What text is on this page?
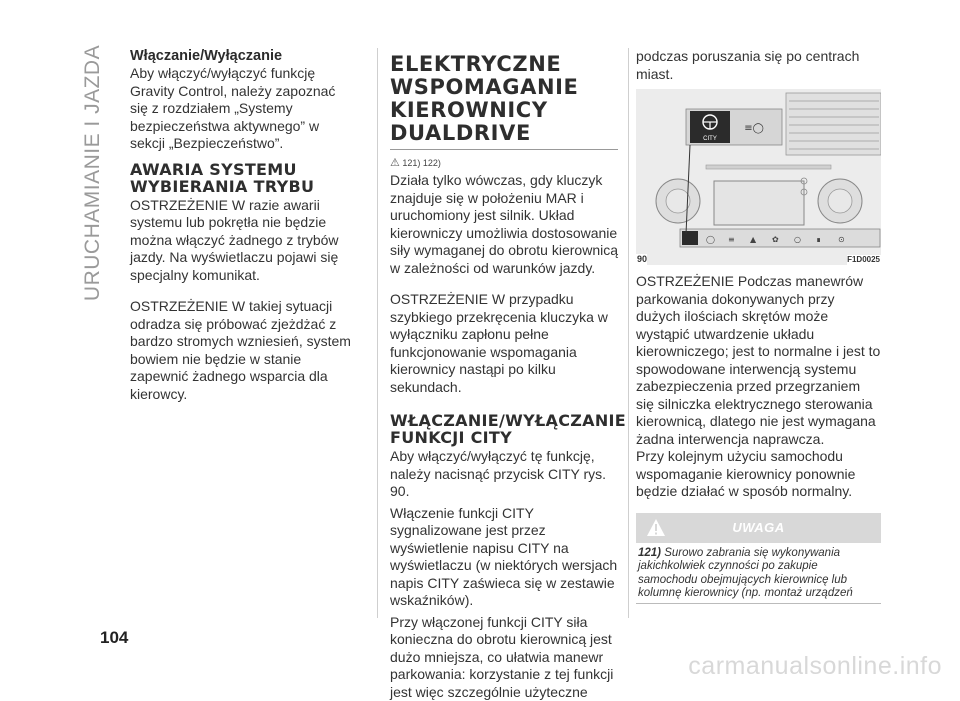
URUCHAMIANIE I JAZDA Włączanie/Wyłączanie

Aby włączyć/wyłączyć funkcję Gravity Control, należy zapoznać się z rozdziałem „Systemy bezpieczeństwa aktywnego” w sekcji „Bezpieczeństwo”.

AWARIA SYSTEMU
WYBIERANIA TRYBU

OSTRZEŻENIE W razie awarii systemu lub pokrętła nie będzie można włączyć żadnego z trybów jazdy. Na wyświetlaczu pojawi się specjalny komunikat.

OSTRZEŻENIE W takiej sytuacji odradza się próbować zjeżdżać z bardzo stromych wzniesień, system bowiem nie będzie w stanie zapewnić żadnego wsparcia dla kierowcy.

ELEKTRYCZNE
WSPOMAGANIE
KIEROWNICY
DUALDRIVE
⚠ 121) 122)

Działa tylko wówczas, gdy kluczyk znajduje się w położeniu MAR i uruchomiony jest silnik. Układ kierowniczy umożliwia dostosowanie siły wymaganej do obrotu kierownicą w zależności od warunków jazdy.

OSTRZEŻENIE W przypadku szybkiego przekręcenia kluczyka w wyłączniku zapłonu pełne funkcjonowanie wspomagania kierownicy nastąpi po kilku sekundach.

WŁĄCZANIE/WYŁĄCZANIE
FUNKCJI CITY

Aby włączyć/wyłączyć tę funkcję, należy nacisnąć przycisk CITY rys. 90.

Włączenie funkcji CITY sygnalizowane jest przez wyświetlenie napisu CITY na wyświetlaczu (w niektórych wersjach napis CITY zaświeca się w zestawie wskaźników).

Przy włączonej funkcji CITY siła konieczna do obrotu kierownicą jest dużo mniejsza, co ułatwia manewr parkowania: korzystanie z tej funkcji jest więc szczególnie użyteczne

podczas poruszania się po centrach miast.

CITY
≡◯
◯ ≡ ▲ ✿ ○ ∎ ⊙
90	F1D0025

OSTRZEŻENIE Podczas manewrów parkowania dokonywanych przy dużych ilościach skrętów może wystąpić utwardzenie układu kierowniczego; jest to normalne i jest to spowodowane interwencją systemu zabezpieczenia przed przegrzaniem się silniczka elektrycznego sterowania kierownicą, dlatego nie jest wymagana żadna interwencja naprawcza.

Przy kolejnym użyciu samochodu wspomaganie kierownicy ponownie będzie działać w sposób normalny.

UWAGA

121) Surowo zabrania się wykonywania jakichkolwiek czynności po zakupie samochodu obejmujących kierownicę lub kolumnę kierownicy (np. montaż urządzeń

104
carmanualsonline.info
